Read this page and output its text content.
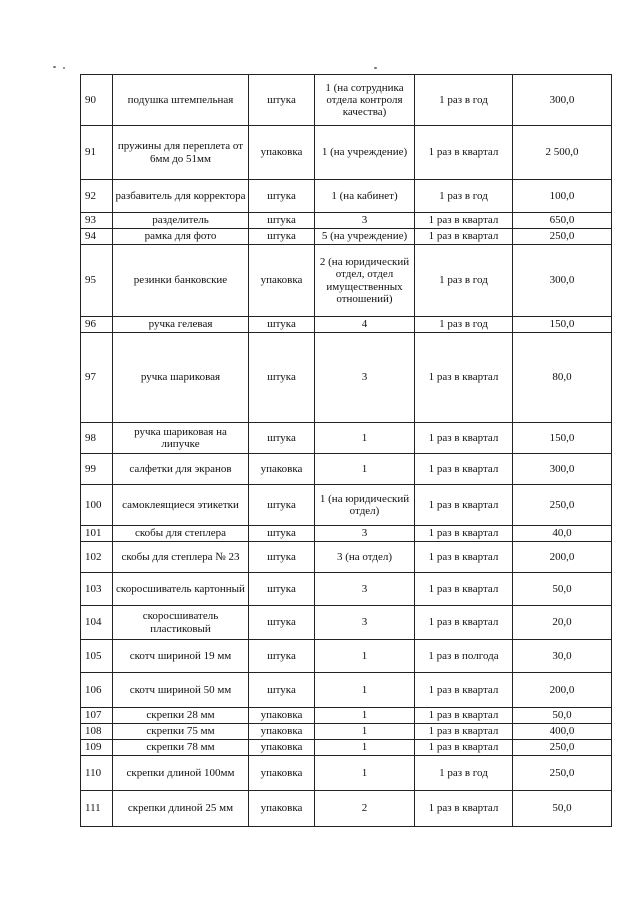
90	подушка штемпельная	штука	1 (на сотрудника отдела контроля качества)	1 раз в год	300,0
91	пружины для переплета от 6мм до 51мм	упаковка	1 (на учреждение)	1 раз в квартал	2 500,0
92	разбавитель для корректора	штука	1 (на кабинет)	1 раз в год	100,0
93	разделитель	штука	3	1 раз в квартал	650,0
94	рамка для фото	штука	5 (на учреждение)	1 раз в квартал	250,0
95	резинки банковские	упаковка	2 (на юридический отдел, отдел имущественных отношений)	1 раз в год	300,0
96	ручка гелевая	штука	4	1 раз в год	150,0
97	ручка шариковая	штука	3	1 раз в квартал	80,0
98	ручка шариковая на липучке	штука	1	1 раз в квартал	150,0
99	салфетки для экранов	упаковка	1	1 раз в квартал	300,0
100	самоклеящиеся этикетки	штука	1 (на юридический отдел)	1 раз в квартал	250,0
101	скобы для степлера	штука	3	1 раз в квартал	40,0
102	скобы для степлера № 23	штука	3 (на отдел)	1 раз в квартал	200,0
103	скоросшиватель картонный	штука	3	1 раз в квартал	50,0
104	скоросшиватель пластиковый	штука	3	1 раз в квартал	20,0
105	скотч шириной 19 мм	штука	1	1 раз в полгода	30,0
106	скотч шириной 50 мм	штука	1	1 раз в квартал	200,0
107	скрепки 28 мм	упаковка	1	1 раз в квартал	50,0
108	скрепки 75 мм	упаковка	1	1 раз в квартал	400,0
109	скрепки 78 мм	упаковка	1	1 раз в квартал	250,0
110	скрепки длиной 100мм	упаковка	1	1 раз в год	250,0
111	скрепки длиной 25 мм	упаковка	2	1 раз в квартал	50,0
